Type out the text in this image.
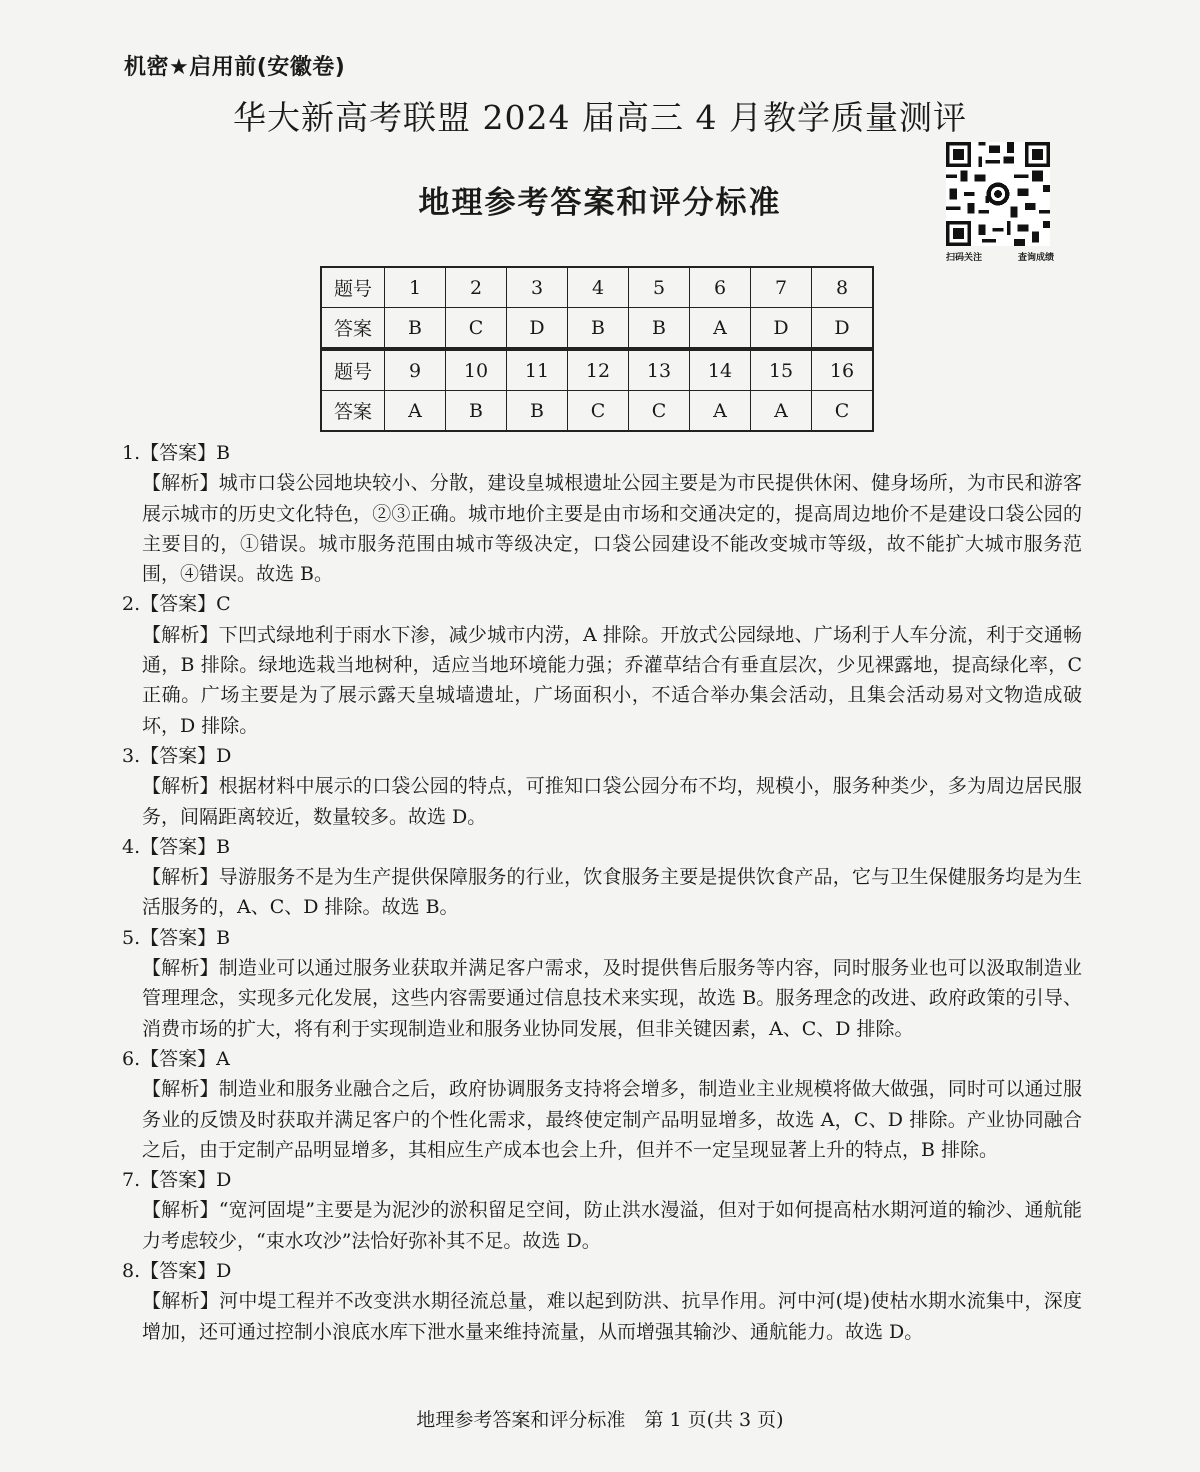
机密★启用前(安徽卷)
华大新高考联盟 2024 届高三 4 月教学质量测评
地理参考答案和评分标准
扫码关注	查询成绩
题号	1	2	3	4	5	6	7	8
答案	B	C	D	B	B	A	D	D
题号	9	10	11	12	13	14	15	16
答案	A	B	B	C	C	A	A	C

1.【答案】B

【解析】城市口袋公园地块较小、分散，建设皇城根遗址公园主要是为市民提供休闲、健身场所，为市民和游客展示城市的历史文化特色，②③正确。城市地价主要是由市场和交通决定的，提高周边地价不是建设口袋公园的主要目的，①错误。城市服务范围由城市等级决定，口袋公园建设不能改变城市等级，故不能扩大城市服务范围，④错误。故选 B。

2.【答案】C

【解析】下凹式绿地利于雨水下渗，减少城市内涝，A 排除。开放式公园绿地、广场利于人车分流，利于交通畅通，B 排除。绿地选栽当地树种，适应当地环境能力强；乔灌草结合有垂直层次，少见裸露地，提高绿化率，C 正确。广场主要是为了展示露天皇城墙遗址，广场面积小，不适合举办集会活动，且集会活动易对文物造成破坏，D 排除。

3.【答案】D

【解析】根据材料中展示的口袋公园的特点，可推知口袋公园分布不均，规模小，服务种类少，多为周边居民服务，间隔距离较近，数量较多。故选 D。

4.【答案】B

【解析】导游服务不是为生产提供保障服务的行业，饮食服务主要是提供饮食产品，它与卫生保健服务均是为生活服务的，A、C、D 排除。故选 B。

5.【答案】B

【解析】制造业可以通过服务业获取并满足客户需求，及时提供售后服务等内容，同时服务业也可以汲取制造业管理理念，实现多元化发展，这些内容需要通过信息技术来实现，故选 B。服务理念的改进、政府政策的引导、消费市场的扩大，将有利于实现制造业和服务业协同发展，但非关键因素，A、C、D 排除。

6.【答案】A

【解析】制造业和服务业融合之后，政府协调服务支持将会增多，制造业主业规模将做大做强，同时可以通过服务业的反馈及时获取并满足客户的个性化需求，最终使定制产品明显增多，故选 A，C、D 排除。产业协同融合之后，由于定制产品明显增多，其相应生产成本也会上升，但并不一定呈现显著上升的特点，B 排除。

7.【答案】D

【解析】“宽河固堤”主要是为泥沙的淤积留足空间，防止洪水漫溢，但对于如何提高枯水期河道的输沙、通航能力考虑较少，“束水攻沙”法恰好弥补其不足。故选 D。

8.【答案】D

【解析】河中堤工程并不改变洪水期径流总量，难以起到防洪、抗旱作用。河中河(堤)使枯水期水流集中，深度增加，还可通过控制小浪底水库下泄水量来维持流量，从而增强其输沙、通航能力。故选 D。

地理参考答案和评分标准　第 1 页(共 3 页)
